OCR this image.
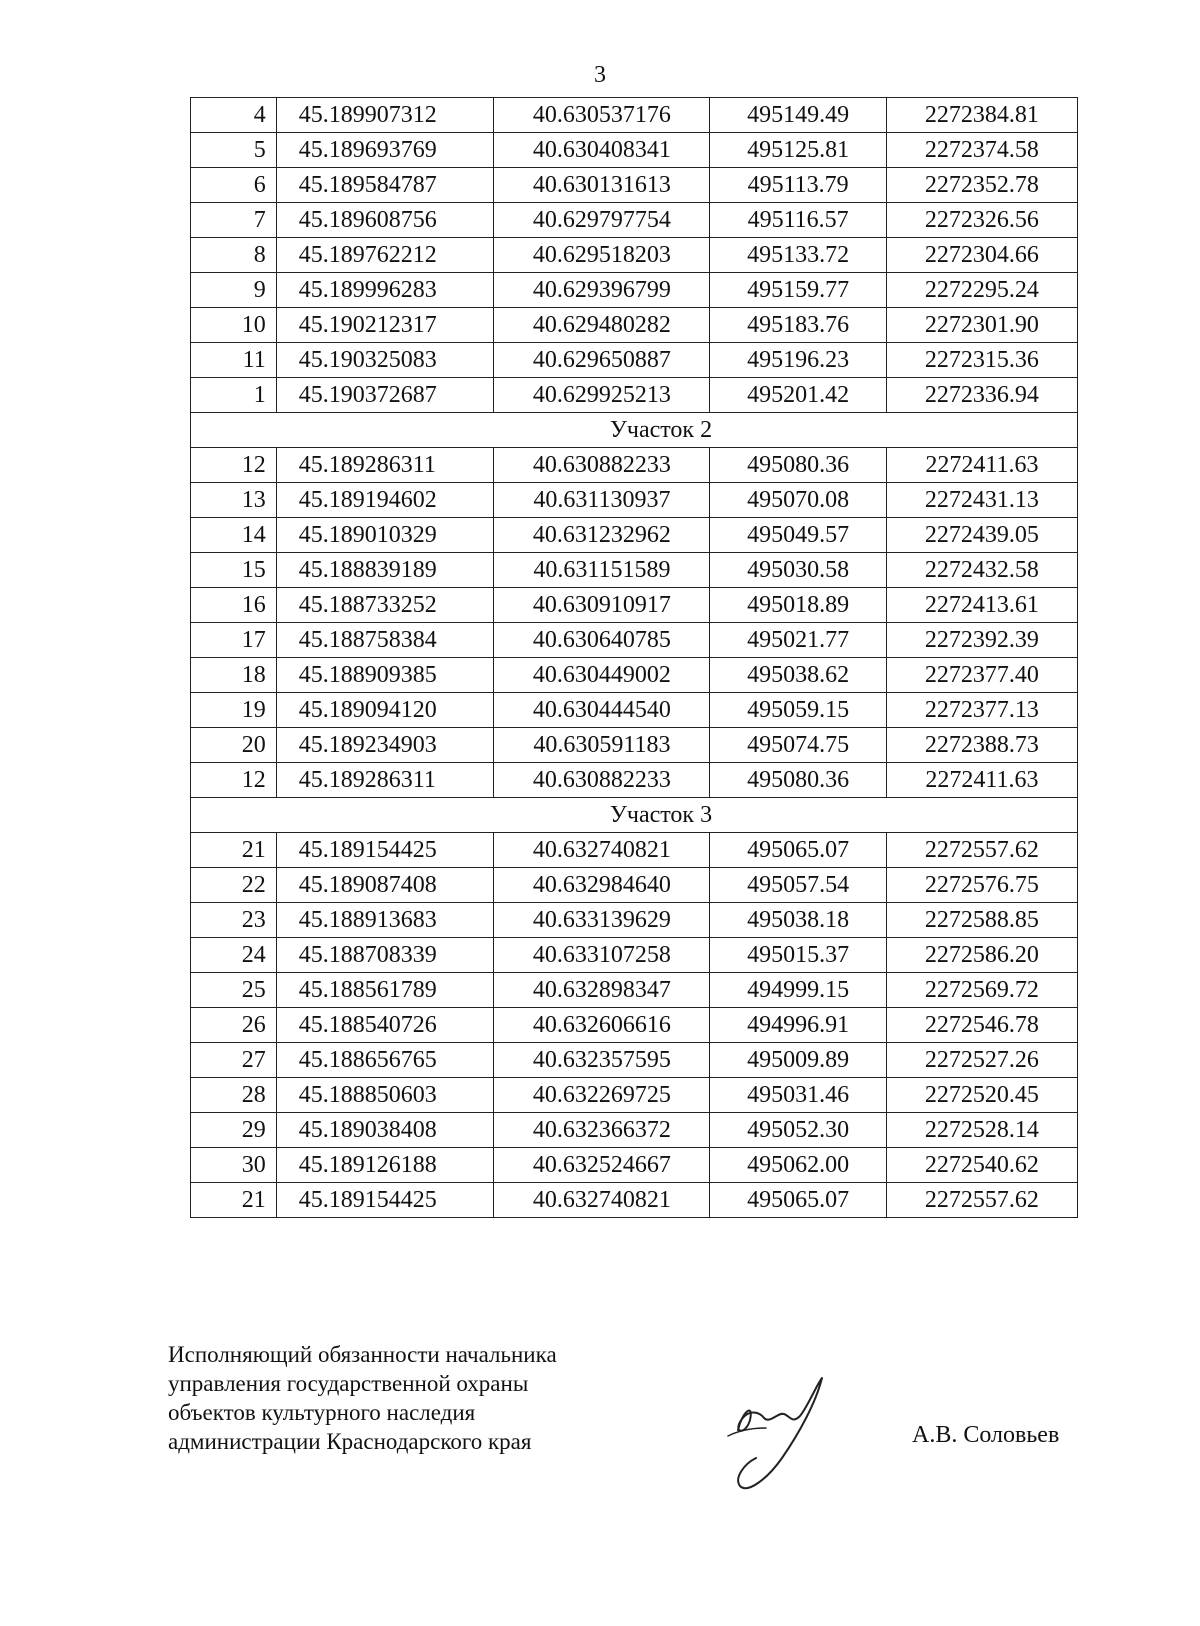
3
4	45.189907312	40.630537176	495149.49	2272384.81
5	45.189693769	40.630408341	495125.81	2272374.58
6	45.189584787	40.630131613	495113.79	2272352.78
7	45.189608756	40.629797754	495116.57	2272326.56
8	45.189762212	40.629518203	495133.72	2272304.66
9	45.189996283	40.629396799	495159.77	2272295.24
10	45.190212317	40.629480282	495183.76	2272301.90
11	45.190325083	40.629650887	495196.23	2272315.36
1	45.190372687	40.629925213	495201.42	2272336.94
Участок 2				
12	45.189286311	40.630882233	495080.36	2272411.63
13	45.189194602	40.631130937	495070.08	2272431.13
14	45.189010329	40.631232962	495049.57	2272439.05
15	45.188839189	40.631151589	495030.58	2272432.58
16	45.188733252	40.630910917	495018.89	2272413.61
17	45.188758384	40.630640785	495021.77	2272392.39
18	45.188909385	40.630449002	495038.62	2272377.40
19	45.189094120	40.630444540	495059.15	2272377.13
20	45.189234903	40.630591183	495074.75	2272388.73
12	45.189286311	40.630882233	495080.36	2272411.63
Участок 3				
21	45.189154425	40.632740821	495065.07	2272557.62
22	45.189087408	40.632984640	495057.54	2272576.75
23	45.188913683	40.633139629	495038.18	2272588.85
24	45.188708339	40.633107258	495015.37	2272586.20
25	45.188561789	40.632898347	494999.15	2272569.72
26	45.188540726	40.632606616	494996.91	2272546.78
27	45.188656765	40.632357595	495009.89	2272527.26
28	45.188850603	40.632269725	495031.46	2272520.45
29	45.189038408	40.632366372	495052.30	2272528.14
30	45.189126188	40.632524667	495062.00	2272540.62
21	45.189154425	40.632740821	495065.07	2272557.62
Исполняющий обязанности начальника
управления государственной охраны
объектов культурного наследия
администрации Краснодарского края	А.В. Соловьев
